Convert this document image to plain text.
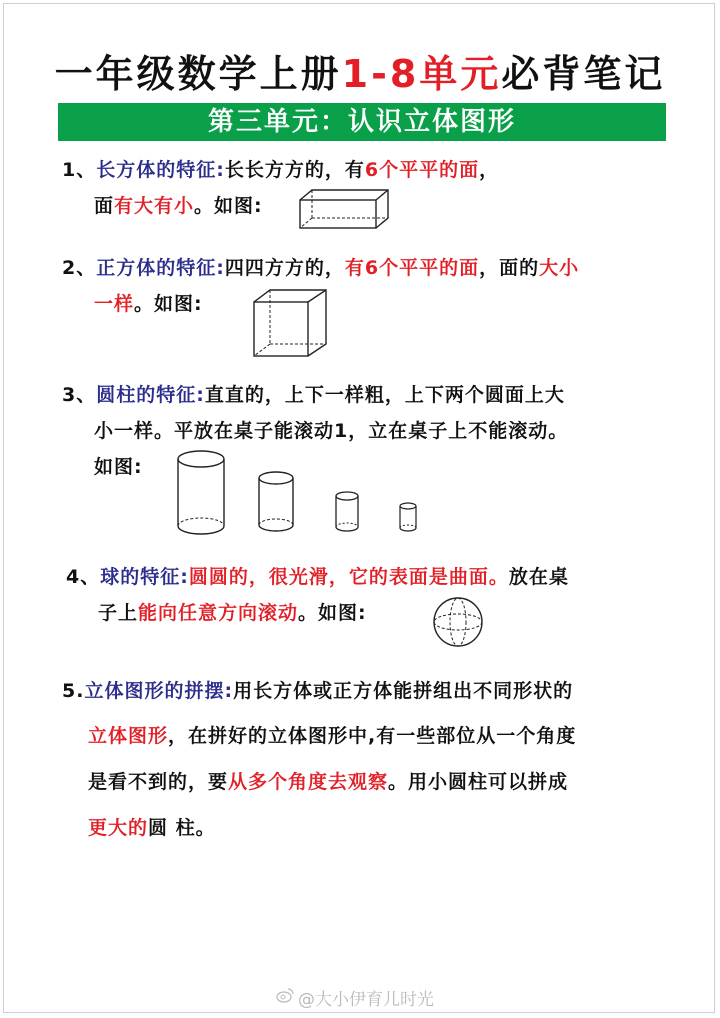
一年级数学上册1-8单元必背笔记
第三单元：认识立体图形
1、长方体的特征:长长方方的，有6个平平的面，
面有大有小。如图:
2、正方体的特征:四四方方的，有6个平平的面，面的大小
一样。如图:
3、圆柱的特征:直直的，上下一样粗，上下两个圆面上大
小一样。平放在桌子能滚动1，立在桌子上不能滚动。
如图:
4、球的特征:圆圆的，很光滑，它的表面是曲面。放在桌
子上能向任意方向滚动。如图:
5.立体图形的拼摆:用长方体或正方体能拼组出不同形状的
立体图形，在拼好的立体图形中,有一些部位从一个角度
是看不到的，要从多个角度去观察。用小圆柱可以拼成
更大的圆 柱。
@大小伊育儿时光
